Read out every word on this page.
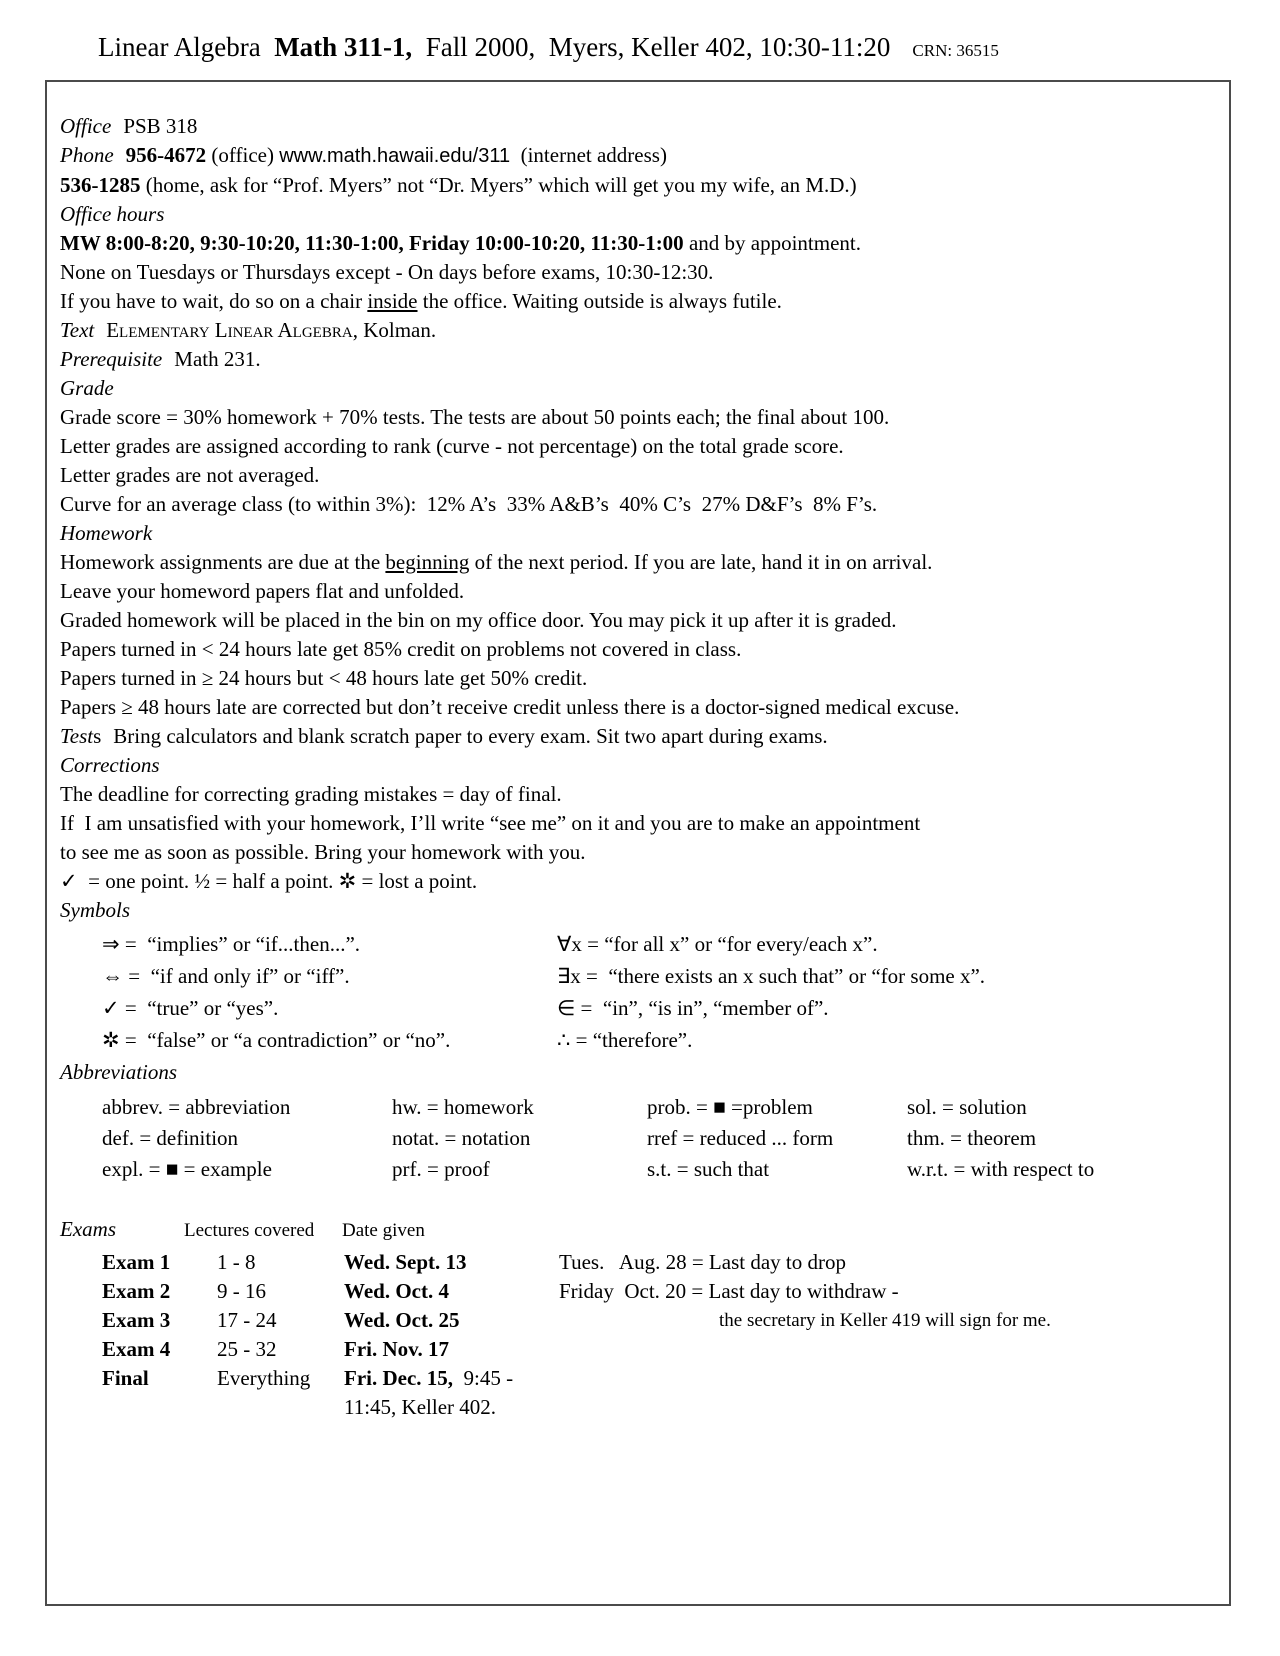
Linear Algebra  Math 311-1,  Fall 2000,  Myers, Keller 402, 10:30-11:20 CRN: 36515

Office PSB 318

Phone 956-4672 (office) www.math.hawaii.edu/311  (internet address)

536-1285 (home, ask for “Prof. Myers” not “Dr. Myers” which will get you my wife, an M.D.)

Office hours

MW 8:00-8:20, 9:30-10:20, 11:30-1:00, Friday 10:00-10:20, 11:30-1:00 and by appointment.

None on Tuesdays or Thursdays except - On days before exams, 10:30-12:30.

If you have to wait, do so on a chair inside the office. Waiting outside is always futile.

Text Elementary Linear Algebra, Kolman.

Prerequisite Math 231.

Grade

Grade score = 30% homework + 70% tests. The tests are about 50 points each; the final about 100.

Letter grades are assigned according to rank (curve - not percentage) on the total grade score.

Letter grades are not averaged.

Curve for an average class (to within 3%):  12% A’s  33% A&B’s  40% C’s  27% D&F’s  8% F’s.

Homework

Homework assignments are due at the beginning of the next period. If you are late, hand it in on arrival.

Leave your homeword papers flat and unfolded.

Graded homework will be placed in the bin on my office door. You may pick it up after it is graded.

Papers turned in < 24 hours late get 85% credit on problems not covered in class.

Papers turned in ≥ 24 hours but < 48 hours late get 50% credit.

Papers ≥ 48 hours late are corrected but don’t receive credit unless there is a doctor-signed medical excuse.

Tests Bring calculators and blank scratch paper to every exam. Sit two apart during exams.

Corrections

The deadline for correcting grading mistakes = day of final.

If  I am unsatisfied with your homework, I’ll write “see me” on it and you are to make an appointment

to see me as soon as possible. Bring your homework with you.

✓  = one point. ½ = half a point. ✲ = lost a point.

Symbols

⇒ =  “implies” or “if...then...”.	∀x = “for all x” or “for every/each x”.
⇔ =  “if and only if” or “iff”.	∃x =  “there exists an x such that” or “for some x”.
✓ =  “true” or “yes”.	∈ =  “in”, “is in”, “member of”.
✲ =  “false” or “a contradiction” or “no”.	∴ = “therefore”.

Abbreviations

abbrev. = abbreviation	hw. = homework	prob. = ■ =problem	sol. = solution
def. = definition	notat. = notation	rref = reduced ... form	thm. = theorem
expl. = ■ = example	prf. = proof	s.t. = such that	w.r.t. = with respect to
Exams	Lectures covered	Date given
Exam 1	1 - 8	Wed. Sept. 13	Tues.   Aug. 28 = Last day to drop
Exam 2	9 - 16	Wed. Oct. 4	Friday  Oct. 20 = Last day to withdraw -
Exam 3	17 - 24	Wed. Oct. 25	the secretary in Keller 419 will sign for me.
Exam 4	25 - 32	Fri. Nov. 17
Final	Everything	Fri. Dec. 15,  9:45 - 11:45, Keller 402.
